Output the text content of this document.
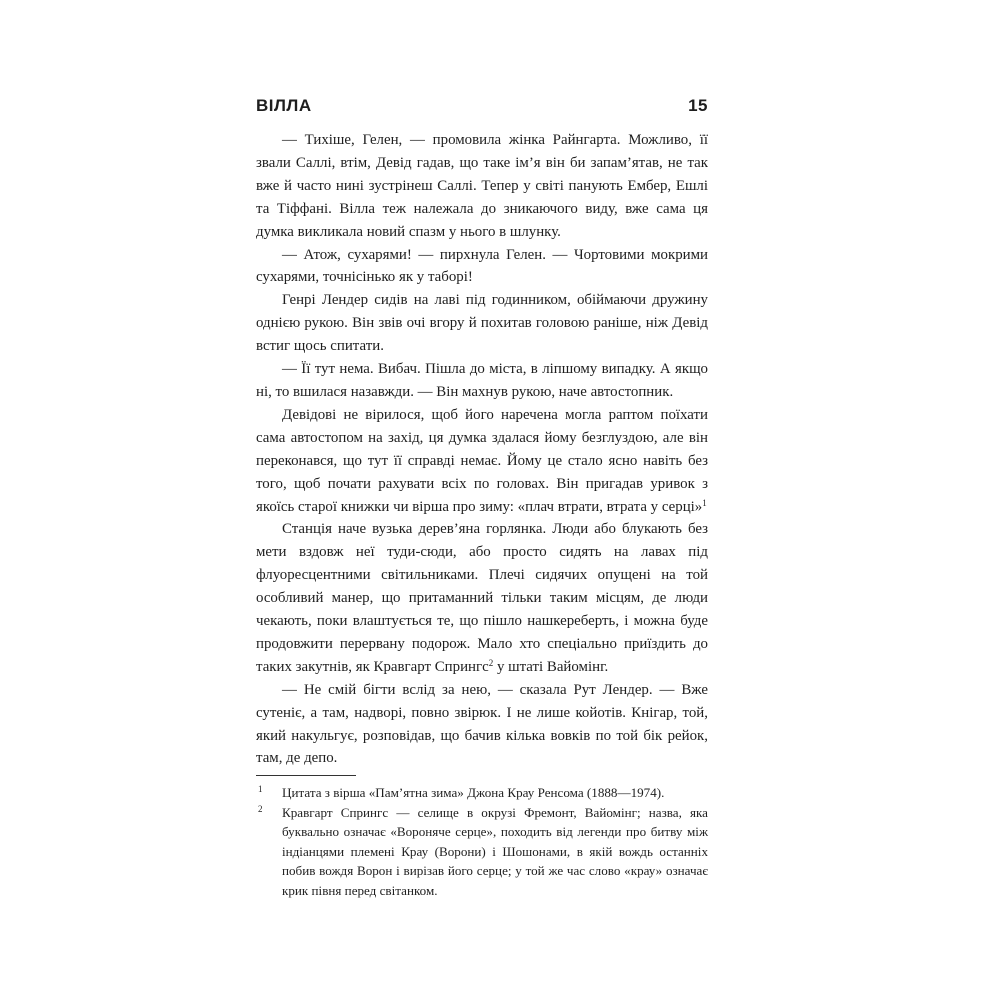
ВІЛЛА	15

— Тихіше, Гелен, — промовила жінка Райнгарта. Можливо, її звали Саллі, втім, Девід гадав, що таке ім’я він би запам’ятав, не так вже й часто нині зустрінеш Саллі. Тепер у світі панують Ембер, Ешлі та Тіффані. Вілла теж належала до зникаючого виду, вже сама ця думка викликала новий спазм у нього в шлунку.

— Атож, сухарями! — пирхнула Гелен. — Чортовими мокрими сухарями, точнісінько як у таборі!

Генрі Лендер сидів на лаві під годинником, обіймаючи дружину однією рукою. Він звів очі вгору й похитав головою раніше, ніж Девід встиг щось спитати.

— Її тут нема. Вибач. Пішла до міста, в ліпшому випадку. А якщо ні, то вшилася назавжди. — Він махнув рукою, наче автостопник.

Девідові не вірилося, щоб його наречена могла раптом поїхати сама автостопом на захід, ця думка здалася йому безглуздою, але він переконався, що тут її справді немає. Йому це стало ясно навіть без того, щоб почати рахувати всіх по головах. Він пригадав уривок з якоїсь старої книжки чи вірша про зиму: «плач втрати, втрата у серці»$^1$

Станція наче вузька дерев’яна горлянка. Люди або блукають без мети вздовж неї туди-сюди, або просто сидять на лавах під флуоресцентними світильниками. Плечі сидячих опущені на той особливий манер, що притаманний тільки таким місцям, де люди чекають, поки влаштується те, що пішло нашкереберть, і можна буде продовжити перервану подорож. Мало хто спеціально приїздить до таких закутнів, як Кравгарт Спрингс$^2$ у штаті Вайомінг.

— Не смій бігти вслід за нею, — сказала Рут Лендер. — Вже сутеніє, а там, надворі, повно звірюк. І не лише койотів. Кнігар, той, який накульгує, розповідав, що бачив кілька вовків по той бік рейок, там, де депо.

1 Цитата з вірша «Пам’ятна зима» Джона Крау Ренсома (1888—1974).
2 Кравгарт Спрингс — селище в окрузі Фремонт, Вайомінг; назва, яка буквально означає «Вороняче серце», походить від легенди про битву між індіанцями племені Крау (Ворони) і Шошонами, в якій вождь останніх побив вождя Ворон і вирізав його серце; у той же час слово «крау» означає крик півня перед світанком.
